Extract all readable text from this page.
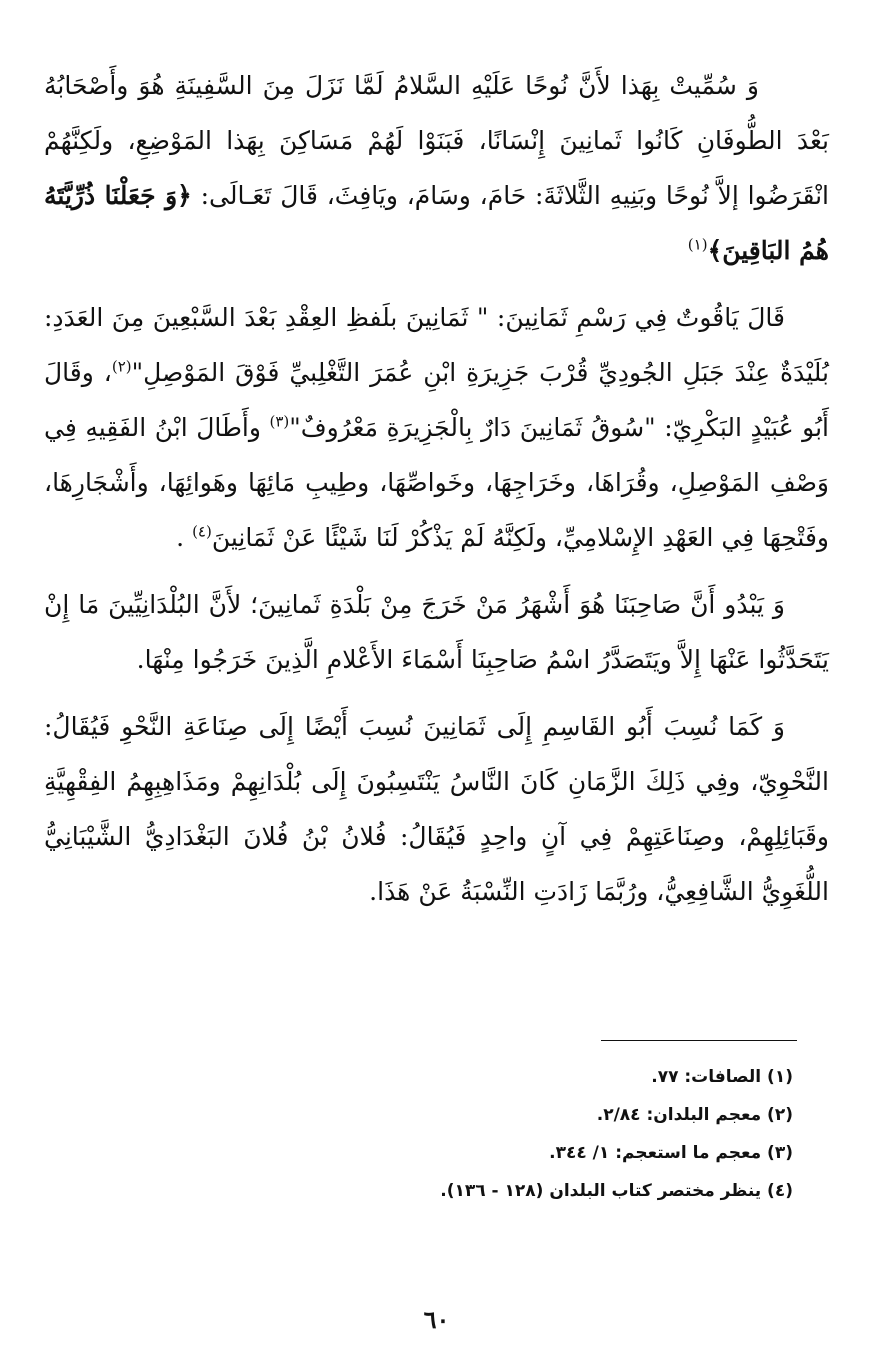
وَ سُمِّيتْ بِهَذا لأَنَّ نُوحًا عَلَيْهِ السَّلامُ لَمَّا نَزَلَ مِنَ السَّفِينَةِ هُوَ وأَصْحَابُهُ بَعْدَ الطُّوفَانِ كَانُوا ثَمانِينَ إِنْسَانًا، فَبَنَوْا لَهُمْ مَسَاكِنَ بِهَذا المَوْضِعِ، ولَكِنَّهُمْ انْقَرَضُوا إلاَّ نُوحًا وبَنِيهِ الثَّلاثَةَ: حَامَ، وسَامَ، ويَافِثَ، قَالَ تَعَـالَى: ﴿وَ جَعَلْنَا ذُرِّيَّتَهُ هُمُ البَاقِينَ﴾$^{(١)}$

قَالَ يَاقُوتٌ فِي رَسْمِ ثَمَانِينَ: " ثَمَانِينَ بلَفظِ العِقْدِ بَعْدَ السَّبْعِينَ مِنَ العَدَدِ: بُلَيْدَةٌ عِنْدَ جَبَلِ الجُودِيِّ قُرْبَ جَزِيرَةِ ابْنِ عُمَرَ التَّغْلِبيِّ فَوْقَ المَوْصِلِ"$^{(٢)}$، وقَالَ أَبُو عُبَيْدٍ البَكْرِيّ: "سُوقُ ثَمَانِينَ دَارٌ بِالْجَزِيرَةِ مَعْرُوفٌ"$^{(٣)}$ وأَطَالَ ابْنُ الفَقِيهِ فِي وَصْفِ المَوْصِلِ، وقُرَاهَا، وخَرَاجِهَا، وخَواصِّهَا، وطِيبِ مَائِهَا وهَوائِهَا، وأَشْجَارِهَا، وفَتْحِهَا فِي العَهْدِ الإِسْلامِيِّ، ولَكِنَّهُ لَمْ يَذْكُرْ لَنَا شَيْئًا عَنْ ثَمَانِينَ$^{(٤)}$ .

وَ يَبْدُو أَنَّ صَاحِبَنَا هُوَ أَشْهَرُ مَنْ خَرَجَ مِنْ بَلْدَةِ ثَمانِينَ؛ لأَنَّ البُلْدَانِيِّينَ مَا إِنْ يَتَحَدَّثُوا عَنْهَا إِلاَّ ويَتَصَدَّرُ اسْمُ صَاحِبِنَا أَسْمَاءَ الأَعْلامِ الَّذِينَ خَرَجُوا مِنْهَا.

وَ كَمَا نُسِبَ أَبُو القَاسِمِ إِلَى ثَمَانِينَ نُسِبَ أَيْضًا إِلَى صِنَاعَةِ النَّحْوِ فَيُقَالُ: النَّحْوِيّ، وفِي ذَلِكَ الزَّمَانِ كَانَ النَّاسُ يَنْتَسِبُونَ إِلَى بُلْدَانِهِمْ ومَذَاهِبِهِمُ الفِقْهِيَّةِ وقَبَائِلِهِمْ، وصِنَاعَتِهِمْ فِي آنٍ واحِدٍ فَيُقَالُ: فُلانُ بْنُ فُلانَ البَغْدَادِيُّ الشَّيْبَانِيُّ اللُّغَوِيُّ الشَّافِعِيُّ، ورُبَّمَا زَادَتِ النِّسْبَةُ عَنْ هَذَا.

(١) الصافات: ٧٧.
(٢) معجم البلدان: ٢/٨٤.
(٣) معجم ما استعجم: ١/ ٣٤٤.
(٤) ينظر مختصر كتاب البلدان (١٢٨ - ١٣٦).
٦٠
